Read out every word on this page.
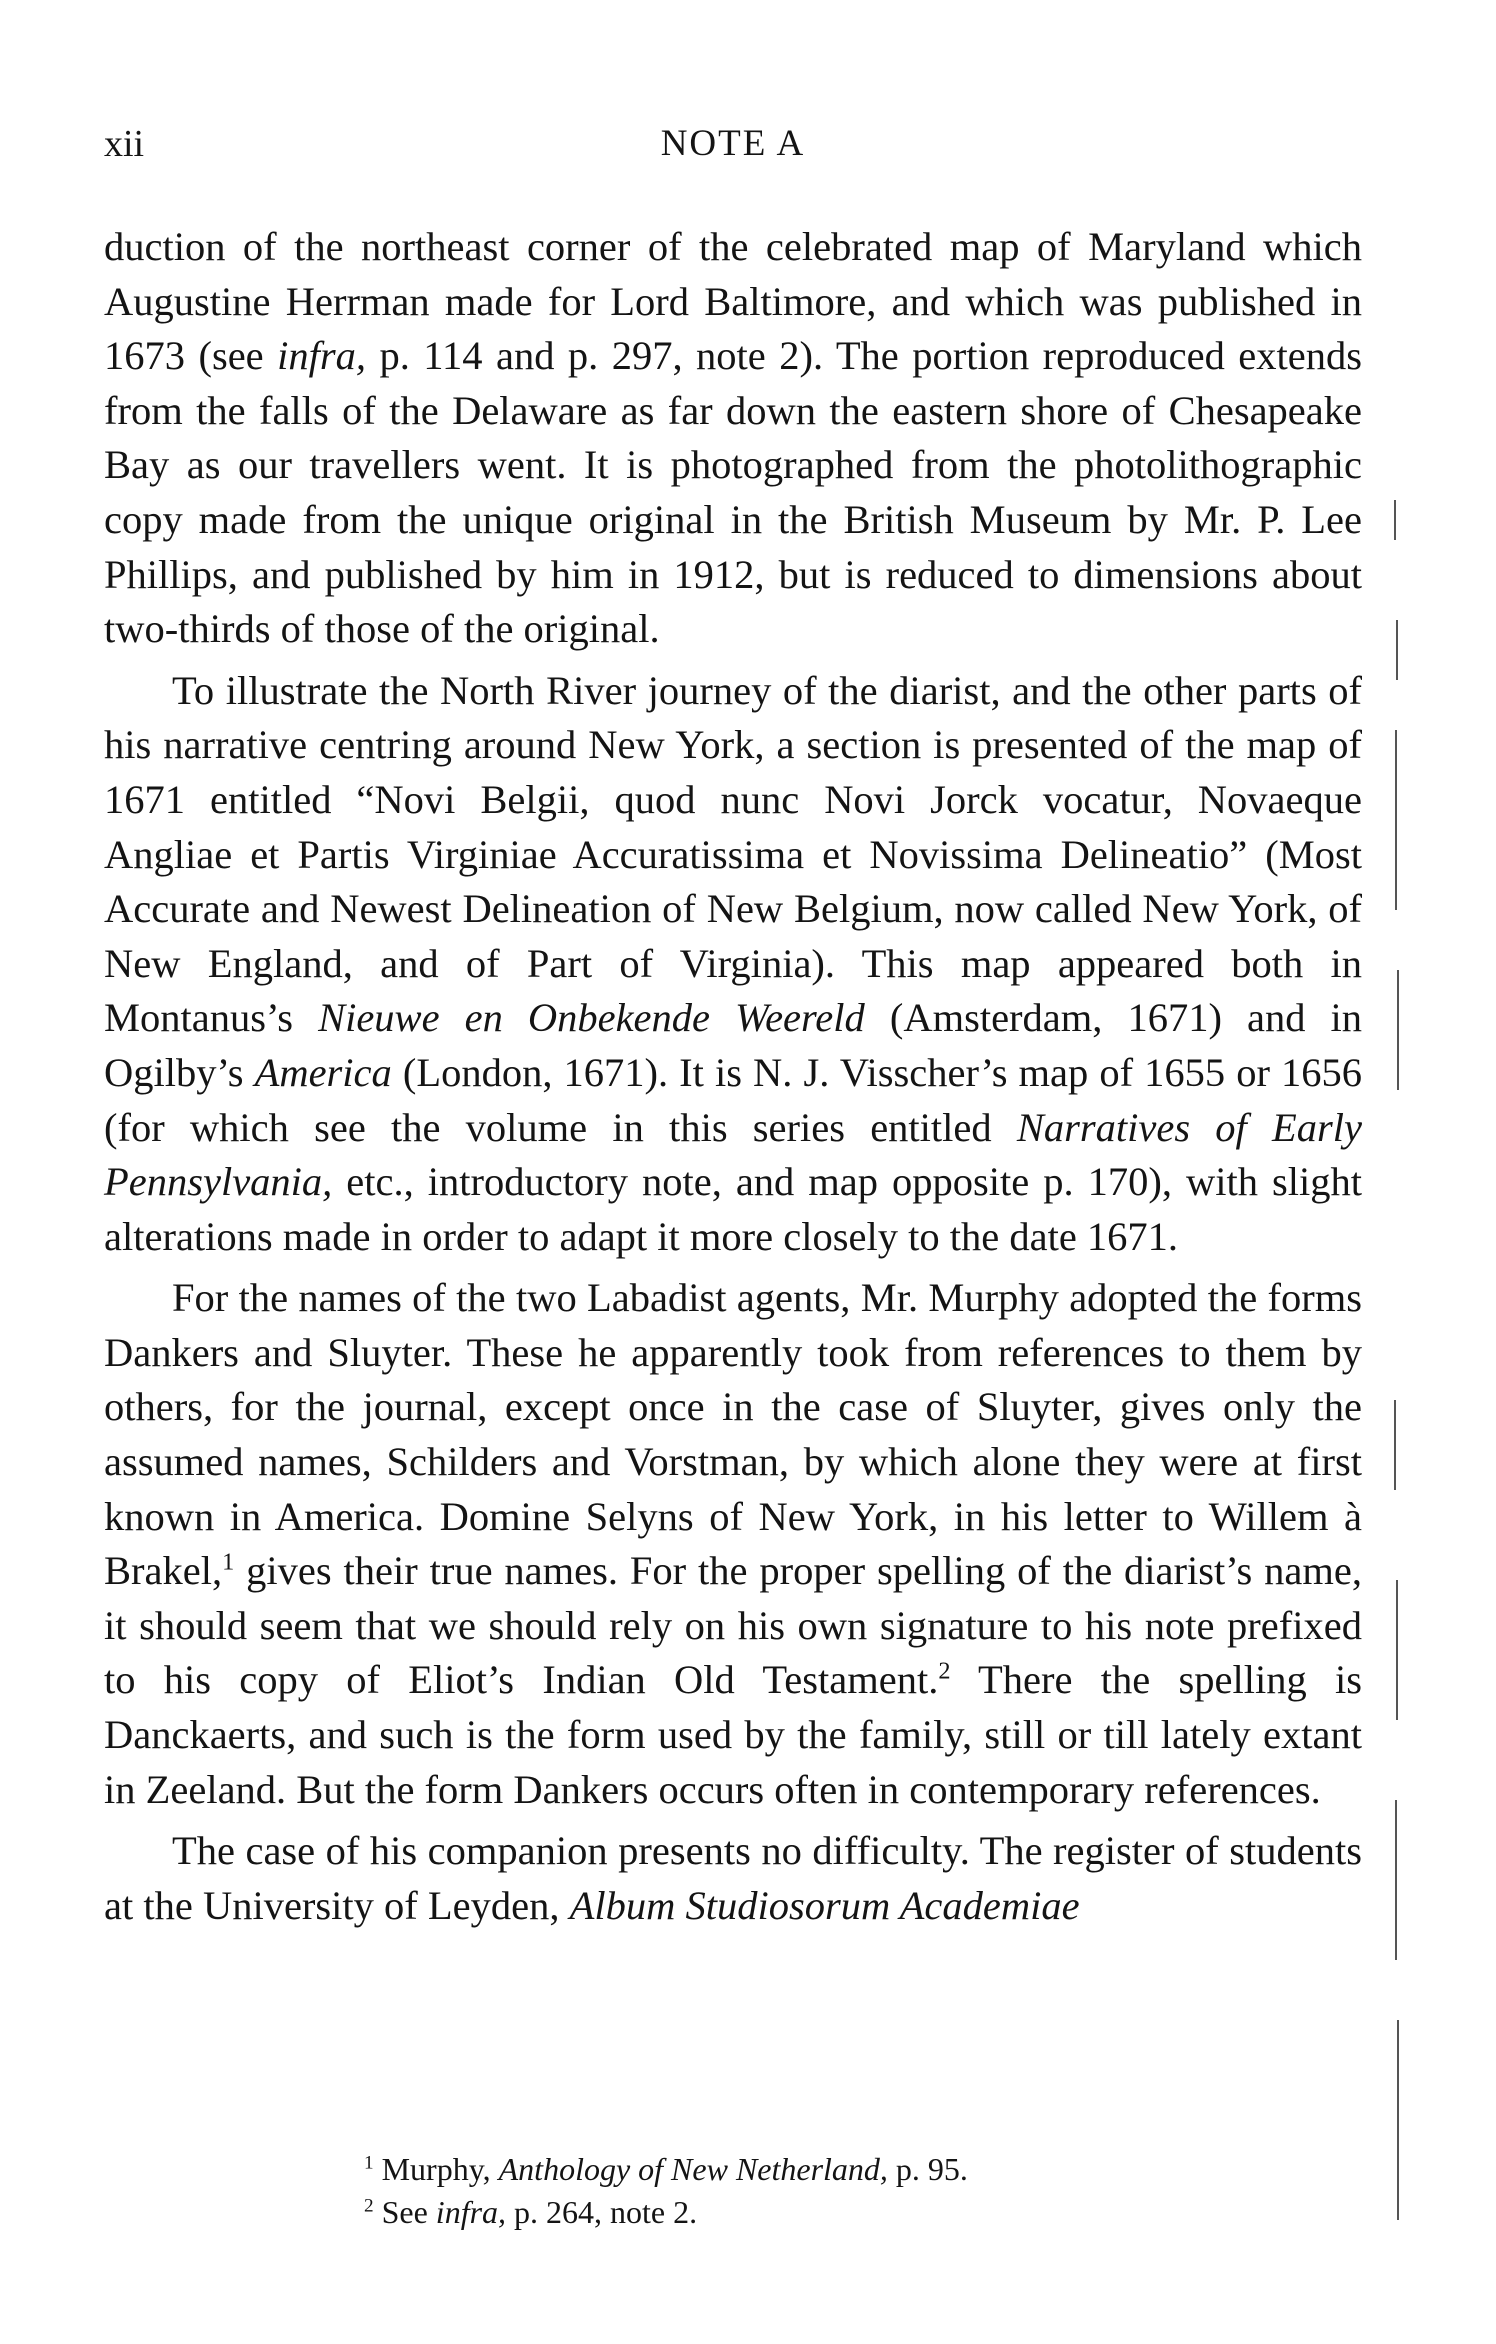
xii	NOTE A

duction of the northeast corner of the celebrated map of Maryland which Augustine Herrman made for Lord Baltimore, and which was published in 1673 (see infra, p. 114 and p. 297, note 2). The portion reproduced extends from the falls of the Delaware as far down the eastern shore of Chesapeake Bay as our travellers went. It is photographed from the photolithographic copy made from the unique original in the British Museum by Mr. P. Lee Phillips, and published by him in 1912, but is reduced to dimensions about two-thirds of those of the original.

To illustrate the North River journey of the diarist, and the other parts of his narrative centring around New York, a section is presented of the map of 1671 entitled “Novi Belgii, quod nunc Novi Jorck vocatur, Novaeque Angliae et Partis Virginiae Accuratissima et Novissima Delineatio” (Most Accurate and Newest Delineation of New Belgium, now called New York, of New England, and of Part of Virginia). This map appeared both in Montanus’s Nieuwe en Onbekende Weereld (Amsterdam, 1671) and in Ogilby’s America (London, 1671). It is N. J. Visscher’s map of 1655 or 1656 (for which see the volume in this series entitled Narratives of Early Pennsylvania, etc., introductory note, and map opposite p. 170), with slight alterations made in order to adapt it more closely to the date 1671.

For the names of the two Labadist agents, Mr. Murphy adopted the forms Dankers and Sluyter. These he apparently took from references to them by others, for the journal, except once in the case of Sluyter, gives only the assumed names, Schilders and Vorstman, by which alone they were at first known in America. Domine Selyns of New York, in his letter to Willem à Brakel,$^1$ gives their true names. For the proper spelling of the diarist’s name, it should seem that we should rely on his own signature to his note prefixed to his copy of Eliot’s Indian Old Testament.$^2$ There the spelling is Danckaerts, and such is the form used by the family, still or till lately extant in Zeeland. But the form Dankers occurs often in contemporary references.

The case of his companion presents no difficulty. The register of students at the University of Leyden, Album Studiosorum Academiae

$^1$ Murphy, Anthology of New Netherland, p. 95.
$^2$ See infra, p. 264, note 2.
